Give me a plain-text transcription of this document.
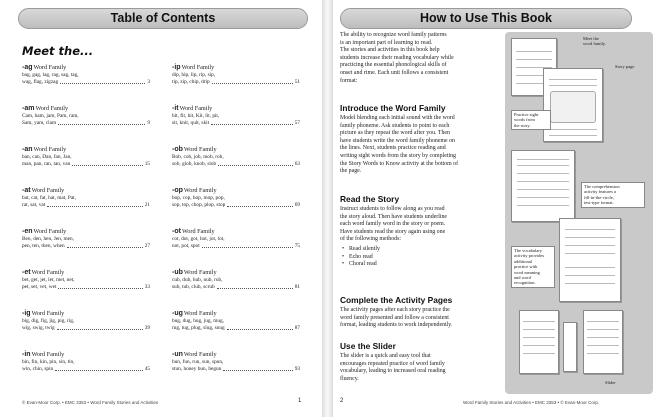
Table of Contents
Meet the...
-agWord Family
bag, gag, lag, rag, sag, tag,
wag, flag, zigzag	3
-amWord Family
Cam, ham, jam, Pam, ram,
Sam, yam, clam	9
-anWord Family
ban, can, Dan, fan, Jan,
man, pan, ran, tan, van	15
-atWord Family
bat, cat, fat, hat, mat, Pat,
rat, sat, vat	21
-enWord Family
Ben, den, hen, Jen, men,
pen, ten, then, when	27
-etWord Family
bet, get, jet, let, met, net,
pet, set, vet, wet	33
-igWord Family
big, dig, fig, jig, pig, rig,
wig, swig, twig	39
-inWord Family
bin, fin, kin, pin, sin, tin,
win, chin, spin	45
-ipWord Family
dip, hip, lip, rip, sip,
tip, zip, chip, drip	51
-itWord Family
bit, fit, hit, Kit, lit, pit,
sit, knit, quit, skit	57
-obWord Family
Bob, cob, job, mob, rob,
sob, glob, knob, slob	63
-opWord Family
bop, cop, hop, mop, pop,
sop, top, chop, plop, stop	69
-otWord Family
cot, dot, got, hot, jot, lot,
not, pot, spot	75
-ubWord Family
cub, dub, hub, nub, rub,
sub, tub, club, scrub	81
-ugWord Family
bug, dug, hug, jug, mug,
rug, tug, plug, slug, snug	87
-unWord Family
bun, fun, run, sun, spun,
stun, honey bun, begun	93
© Evan-Moor Corp. • EMC 3353 • Word Family Stories and Activities	1
How to Use This Book
The ability to recognize word family patterns
is an important part of learning to read.
The stories and activities in this book help
students increase their reading vocabulary while
practicing the essential phonological skills of
onset and rime. Each unit follows a consistent
format:
Introduce the Word Family
Model blending each initial sound with the word
family phoneme. Ask students to point to each
picture as they repeat the word after you. Then
have students write the word family phoneme on
the lines. Next, students practice reading and
writing sight words from the story by completing
the Story Words to Know activity at the bottom of
the page.
Read the Story
Instruct students to follow along as you read
the story aloud. Then have students underline
each word family word in the story or poem.
Have students read the story again using one
of the following methods:
• Read silently
• Echo read
• Choral read
Complete the Activity Pages
The activity pages after each story practice the
word family presented and follow a consistent
format, leading students to work independently.
Use the Slider
The slider is a quick and easy tool that
encourages repeated practice of word family
vocabulary, leading to increased oral reading
fluency.
Meet the
word family.
Story page
Practice sight
words from
the story.
The comprehension
activity features a
fill-in-the-circle,
test-type format.
The vocabulary
activity provides
additional
practice with
word meaning
and word
recognition.
Slider
2	Word Family Stories and Activities • EMC 3353 • © Evan-Moor Corp.
